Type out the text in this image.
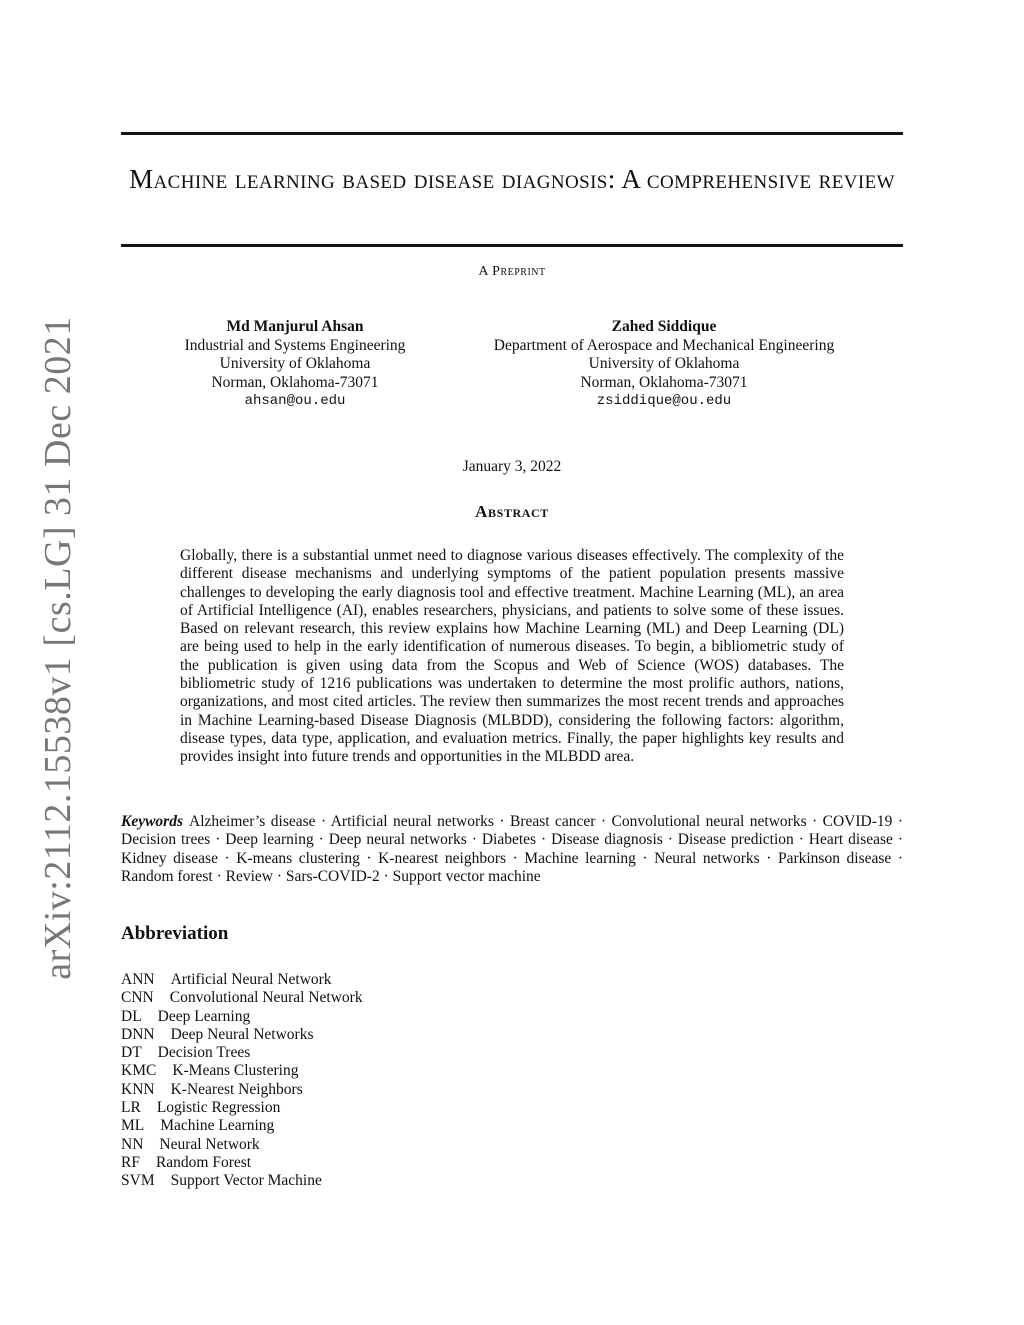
arXiv:2112.15538v1 [cs.LG] 31 Dec 2021
Machine learning based disease diagnosis: A comprehensive review
A Preprint
Md Manjurul Ahsan
Industrial and Systems Engineering
University of Oklahoma
Norman, Oklahoma-73071
ahsan@ou.edu
Zahed Siddique
Department of Aerospace and Mechanical Engineering
University of Oklahoma
Norman, Oklahoma-73071
zsiddique@ou.edu
January 3, 2022
Abstract
Globally, there is a substantial unmet need to diagnose various diseases effectively. The complexity of the different disease mechanisms and underlying symptoms of the patient population presents massive challenges to developing the early diagnosis tool and effective treatment. Machine Learning (ML), an area of Artificial Intelligence (AI), enables researchers, physicians, and patients to solve some of these issues. Based on relevant research, this review explains how Machine Learning (ML) and Deep Learning (DL) are being used to help in the early identification of numerous diseases. To begin, a bibliometric study of the publication is given using data from the Scopus and Web of Science (WOS) databases. The bibliometric study of 1216 publications was undertaken to determine the most prolific authors, nations, organizations, and most cited articles. The review then summarizes the most recent trends and approaches in Machine Learning-based Disease Diagnosis (MLBDD), considering the following factors: algorithm, disease types, data type, application, and evaluation metrics. Finally, the paper highlights key results and provides insight into future trends and opportunities in the MLBDD area.
Keywords Alzheimer’s disease · Artificial neural networks · Breast cancer · Convolutional neural networks · COVID-19 · Decision trees · Deep learning · Deep neural networks · Diabetes · Disease diagnosis · Disease prediction · Heart disease · Kidney disease · K-means clustering · K-nearest neighbors · Machine learning · Neural networks · Parkinson disease · Random forest · Review · Sars-COVID-2 · Support vector machine
Abbreviation
ANN Artificial Neural Network
CNN Convolutional Neural Network
DL Deep Learning
DNN Deep Neural Networks
DT Decision Trees
KMC K-Means Clustering
KNN K-Nearest Neighbors
LR Logistic Regression
ML Machine Learning
NN Neural Network
RF Random Forest
SVM Support Vector Machine
